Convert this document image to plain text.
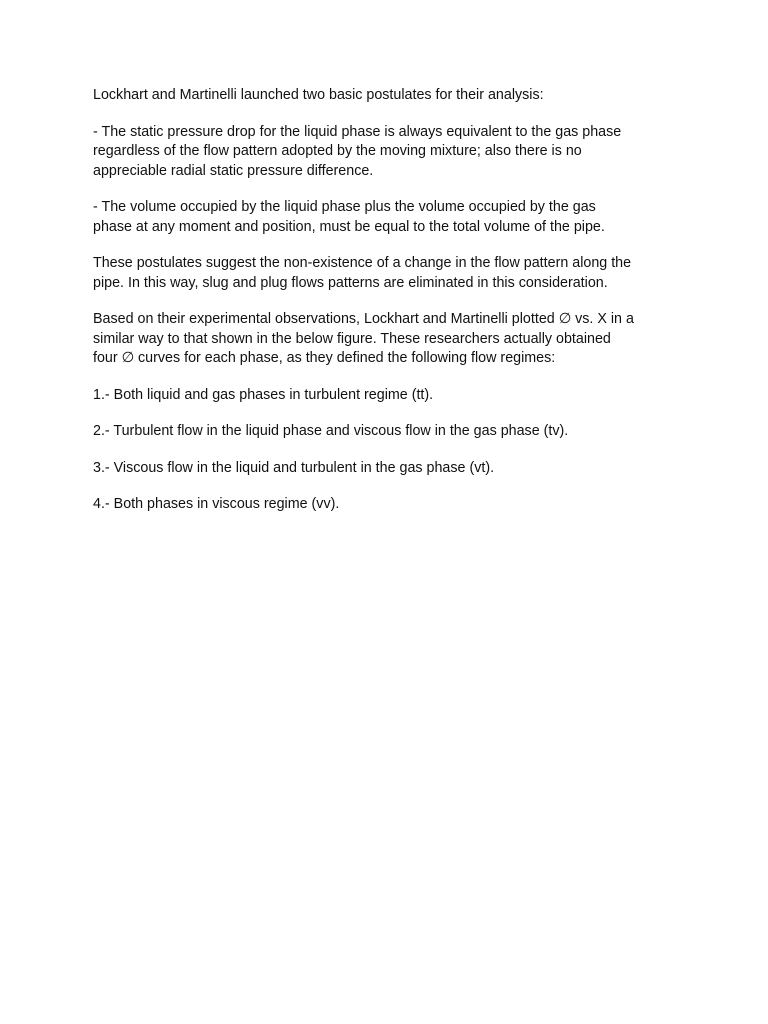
Lockhart and Martinelli launched two basic postulates for their analysis:

- The static pressure drop for the liquid phase is always equivalent to the gas phase
regardless of the flow pattern adopted by the moving mixture; also there is no
appreciable radial static pressure difference.

- The volume occupied by the liquid phase plus the volume occupied by the gas
phase at any moment and position, must be equal to the total volume of the pipe.

These postulates suggest the non-existence of a change in the flow pattern along the
pipe. In this way, slug and plug flows patterns are eliminated in this consideration.

Based on their experimental observations, Lockhart and Martinelli plotted ∅ vs. X in a
similar way to that shown in the below figure. These researchers actually obtained
four ∅ curves for each phase, as they defined the following flow regimes:

1.- Both liquid and gas phases in turbulent regime (tt).

2.- Turbulent flow in the liquid phase and viscous flow in the gas phase (tv).

3.- Viscous flow in the liquid and turbulent in the gas phase (vt).

4.- Both phases in viscous regime (vv).
